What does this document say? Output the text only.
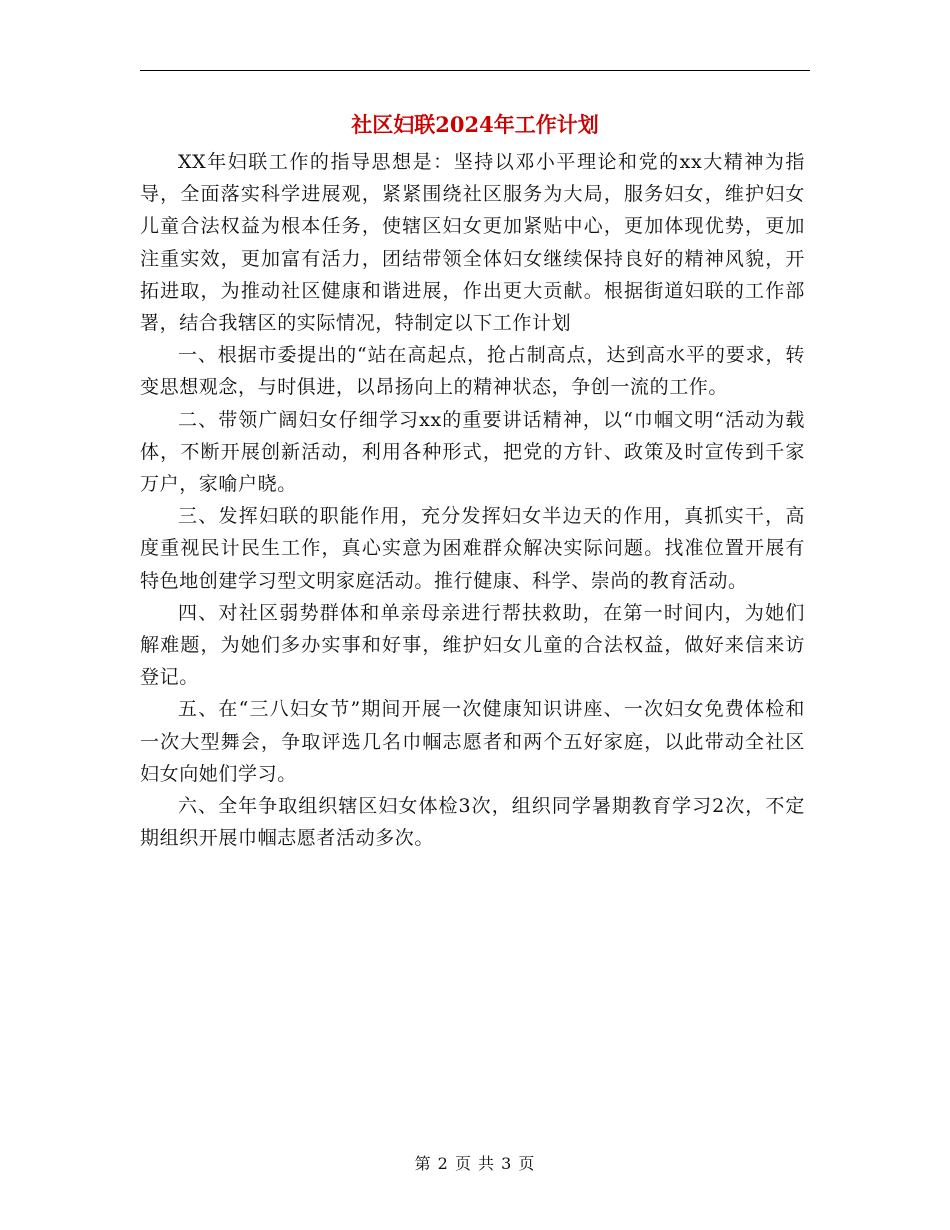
社区妇联2024年工作计划

XX年妇联工作的指导思想是：坚持以邓小平理论和党的xx大精神为指导，全面落实科学进展观，紧紧围绕社区服务为大局，服务妇女，维护妇女儿童合法权益为根本任务，使辖区妇女更加紧贴中心，更加体现优势，更加注重实效，更加富有活力，团结带领全体妇女继续保持良好的精神风貌，开拓进取，为推动社区健康和谐进展，作出更大贡献。根据街道妇联的工作部署，结合我辖区的实际情况，特制定以下工作计划

一、根据市委提出的“站在高起点，抢占制高点，达到高水平的要求，转变思想观念，与时俱进，以昂扬向上的精神状态，争创一流的工作。

二、带领广阔妇女仔细学习xx的重要讲话精神，以“巾帼文明“活动为载体，不断开展创新活动，利用各种形式，把党的方针、政策及时宣传到千家万户，家喻户晓。

三、发挥妇联的职能作用，充分发挥妇女半边天的作用，真抓实干，高度重视民计民生工作，真心实意为困难群众解决实际问题。找准位置开展有特色地创建学习型文明家庭活动。推行健康、科学、崇尚的教育活动。

四、对社区弱势群体和单亲母亲进行帮扶救助，在第一时间内，为她们解难题，为她们多办实事和好事，维护妇女儿童的合法权益，做好来信来访登记。

五、在“三八妇女节”期间开展一次健康知识讲座、一次妇女免费体检和一次大型舞会，争取评选几名巾帼志愿者和两个五好家庭，以此带动全社区妇女向她们学习。

六、全年争取组织辖区妇女体检3次，组织同学暑期教育学习2次，不定期组织开展巾帼志愿者活动多次。

第 2 页 共 3 页
